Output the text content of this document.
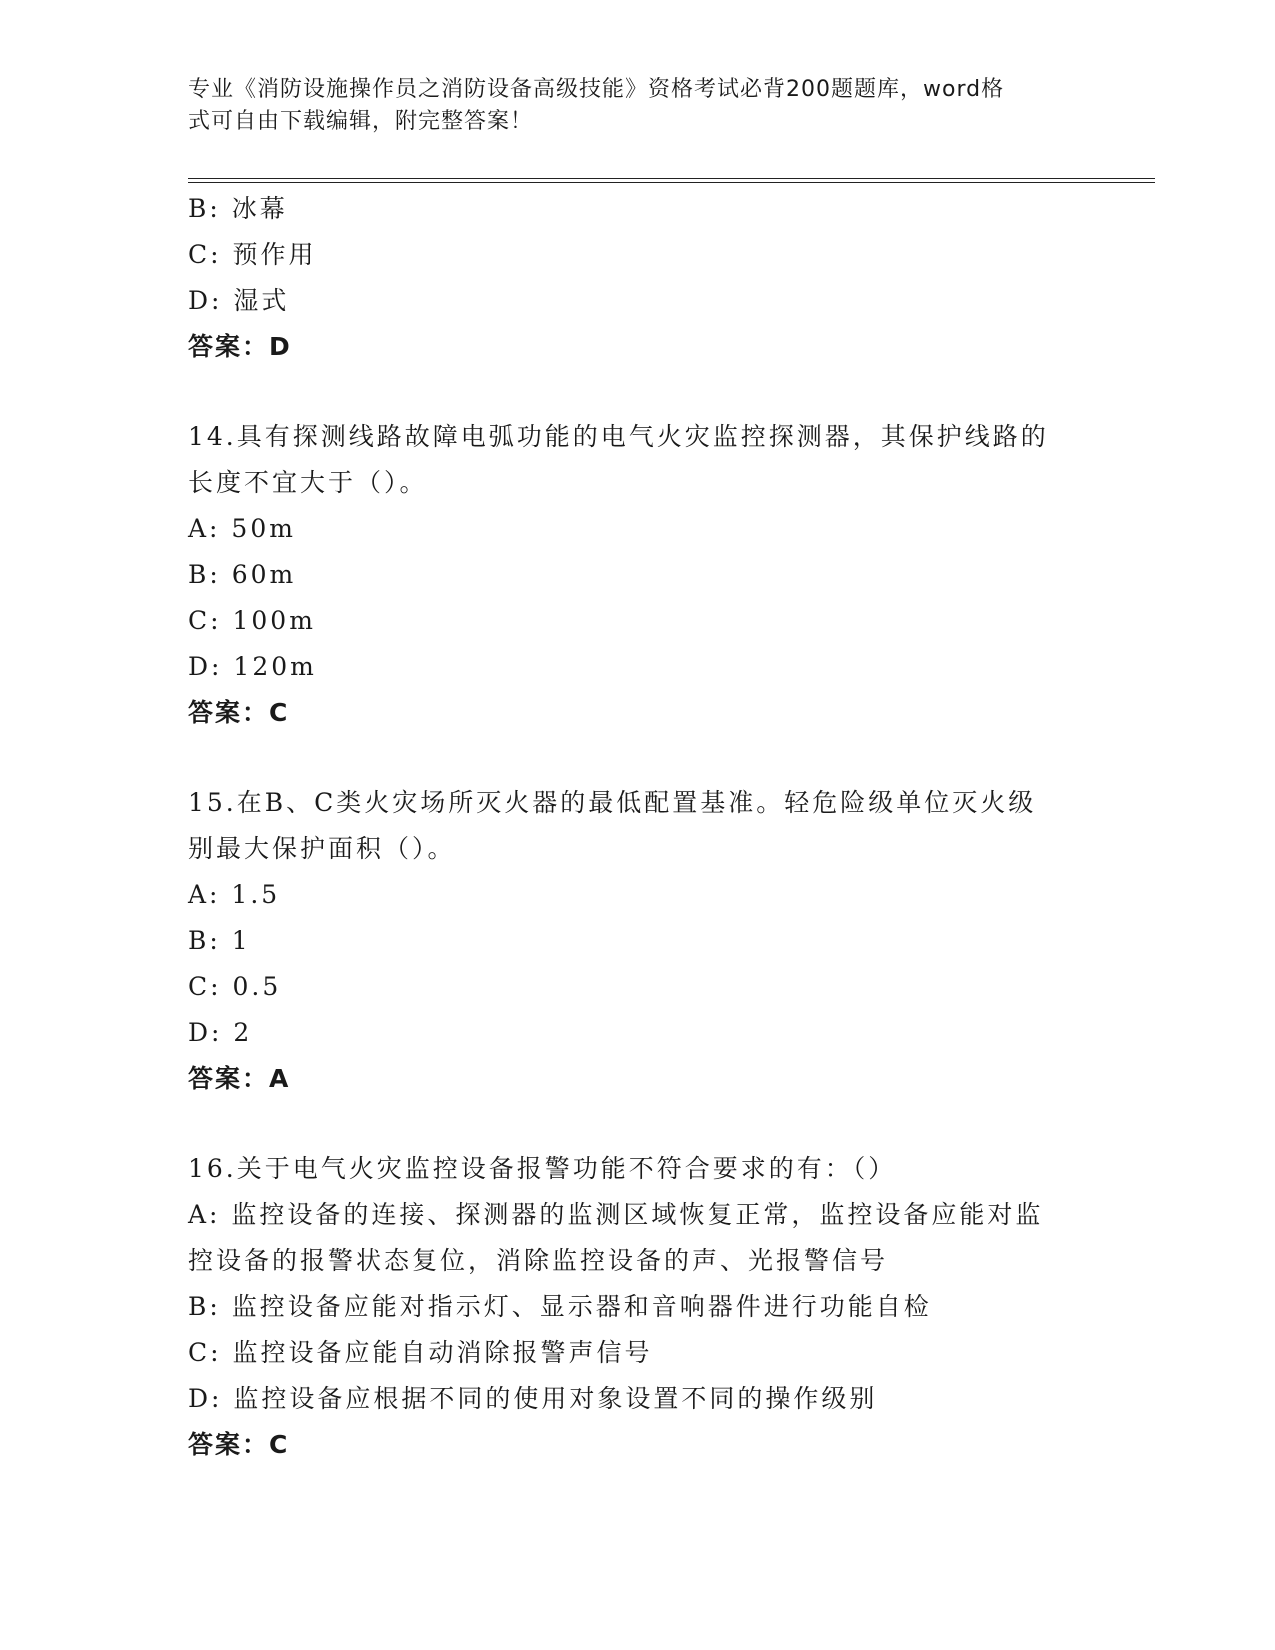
专业《消防设施操作员之消防设备高级技能》资格考试必背200题题库，word格
式可自由下载编辑，附完整答案！
B: 冰幕
C: 预作用
D: 湿式
答案：D
14.具有探测线路故障电弧功能的电气火灾监控探测器，其保护线路的
长度不宜大于（）。
A: 50m
B: 60m
C: 100m
D: 120m
答案：C
15.在B、C类火灾场所灭火器的最低配置基准。轻危险级单位灭火级
别最大保护面积（）。
A: 1.5
B: 1
C: 0.5
D: 2
答案：A
16.关于电气火灾监控设备报警功能不符合要求的有：（）
A: 监控设备的连接、探测器的监测区域恢复正常，监控设备应能对监
控设备的报警状态复位，消除监控设备的声、光报警信号
B: 监控设备应能对指示灯、显示器和音响器件进行功能自检
C: 监控设备应能自动消除报警声信号
D: 监控设备应根据不同的使用对象设置不同的操作级别
答案：C
